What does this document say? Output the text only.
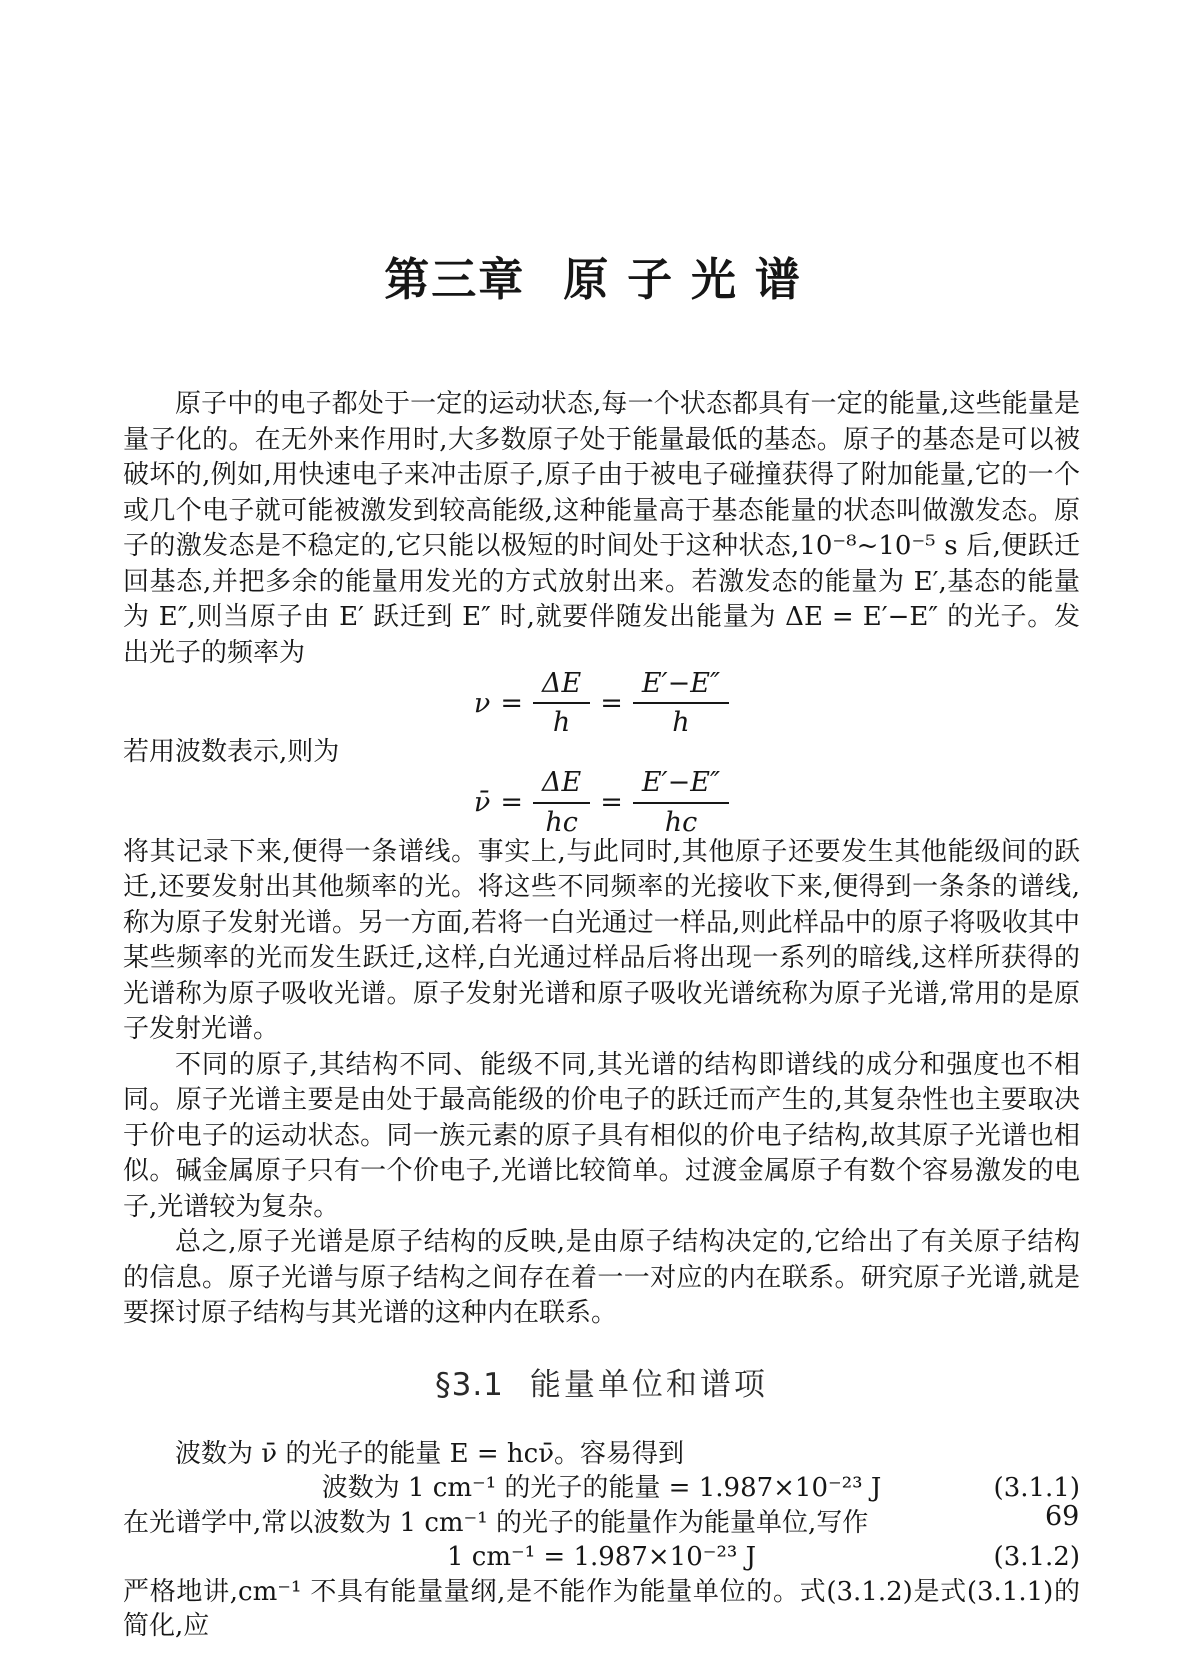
第三章 原子光谱

原子中的电子都处于一定的运动状态,每一个状态都具有一定的能量,这些能量是量子化的。在无外来作用时,大多数原子处于能量最低的基态。原子的基态是可以被破坏的,例如,用快速电子来冲击原子,原子由于被电子碰撞获得了附加能量,它的一个或几个电子就可能被激发到较高能级,这种能量高于基态能量的状态叫做激发态。原子的激发态是不稳定的,它只能以极短的时间处于这种状态,10⁻⁸~10⁻⁵ s 后,便跃迁回基态,并把多余的能量用发光的方式放射出来。若激发态的能量为 E′,基态的能量为 E″,则当原子由 E′ 跃迁到 E″ 时,就要伴随发出能量为 ΔE = E′−E″ 的光子。发出光子的频率为

$\nu = \frac{\Delta E}{h} = \frac{E'-E''}{h}$

若用波数表示,则为

ν̄ = $\frac{\Delta E}{hc} = \frac{E'-E''}{hc}$

将其记录下来,便得一条谱线。事实上,与此同时,其他原子还要发生其他能级间的跃迁,还要发射出其他频率的光。将这些不同频率的光接收下来,便得到一条条的谱线,称为原子发射光谱。另一方面,若将一白光通过一样品,则此样品中的原子将吸收其中某些频率的光而发生跃迁,这样,白光通过样品后将出现一系列的暗线,这样所获得的光谱称为原子吸收光谱。原子发射光谱和原子吸收光谱统称为原子光谱,常用的是原子发射光谱。

不同的原子,其结构不同、能级不同,其光谱的结构即谱线的成分和强度也不相同。原子光谱主要是由处于最高能级的价电子的跃迁而产生的,其复杂性也主要取决于价电子的运动状态。同一族元素的原子具有相似的价电子结构,故其原子光谱也相似。碱金属原子只有一个价电子,光谱比较简单。过渡金属原子有数个容易激发的电子,光谱较为复杂。

总之,原子光谱是原子结构的反映,是由原子结构决定的,它给出了有关原子结构的信息。原子光谱与原子结构之间存在着一一对应的内在联系。研究原子光谱,就是要探讨原子结构与其光谱的这种内在联系。

§3.1 能量单位和谱项

波数为 ν̄ 的光子的能量 E = hcν̄。容易得到

波数为 1 cm⁻¹ 的光子的能量 = 1.987×10⁻²³ J	(3.1.1)

在光谱学中,常以波数为 1 cm⁻¹ 的光子的能量作为能量单位,写作

1 cm⁻¹ = 1.987×10⁻²³ J	(3.1.2)

严格地讲,cm⁻¹ 不具有能量量纲,是不能作为能量单位的。式(3.1.2)是式(3.1.1)的简化,应

69
